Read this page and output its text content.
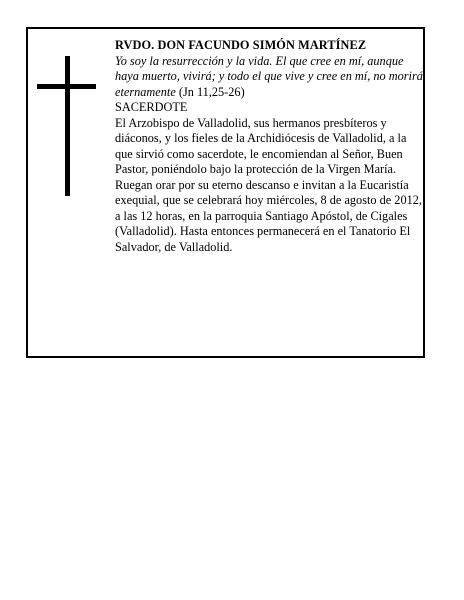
RVDO. DON FACUNDO SIMÓN MARTÍNEZ

Yo soy la resurrección y la vida. El que cree en mí, aunque haya muerto, vivirá; y todo el que vive y cree en mí, no morirá eternamente (Jn 11,25-26)

SACERDOTE

El Arzobispo de Valladolid, sus hermanos presbíteros y diáconos, y los fieles de la Archidiócesis de Valladolid, a la que sirvió como sacerdote, le encomiendan al Señor, Buen Pastor, poniéndolo bajo la protección de la Virgen María.

Ruegan orar por su eterno descanso e invitan a la Eucaristía exequial, que se celebrará hoy miércoles, 8 de agosto de 2012, a las 12 horas, en la parroquia Santiago Apóstol, de Cigales (Valladolid). Hasta entonces permanecerá en el Tanatorio El Salvador, de Valladolid.
